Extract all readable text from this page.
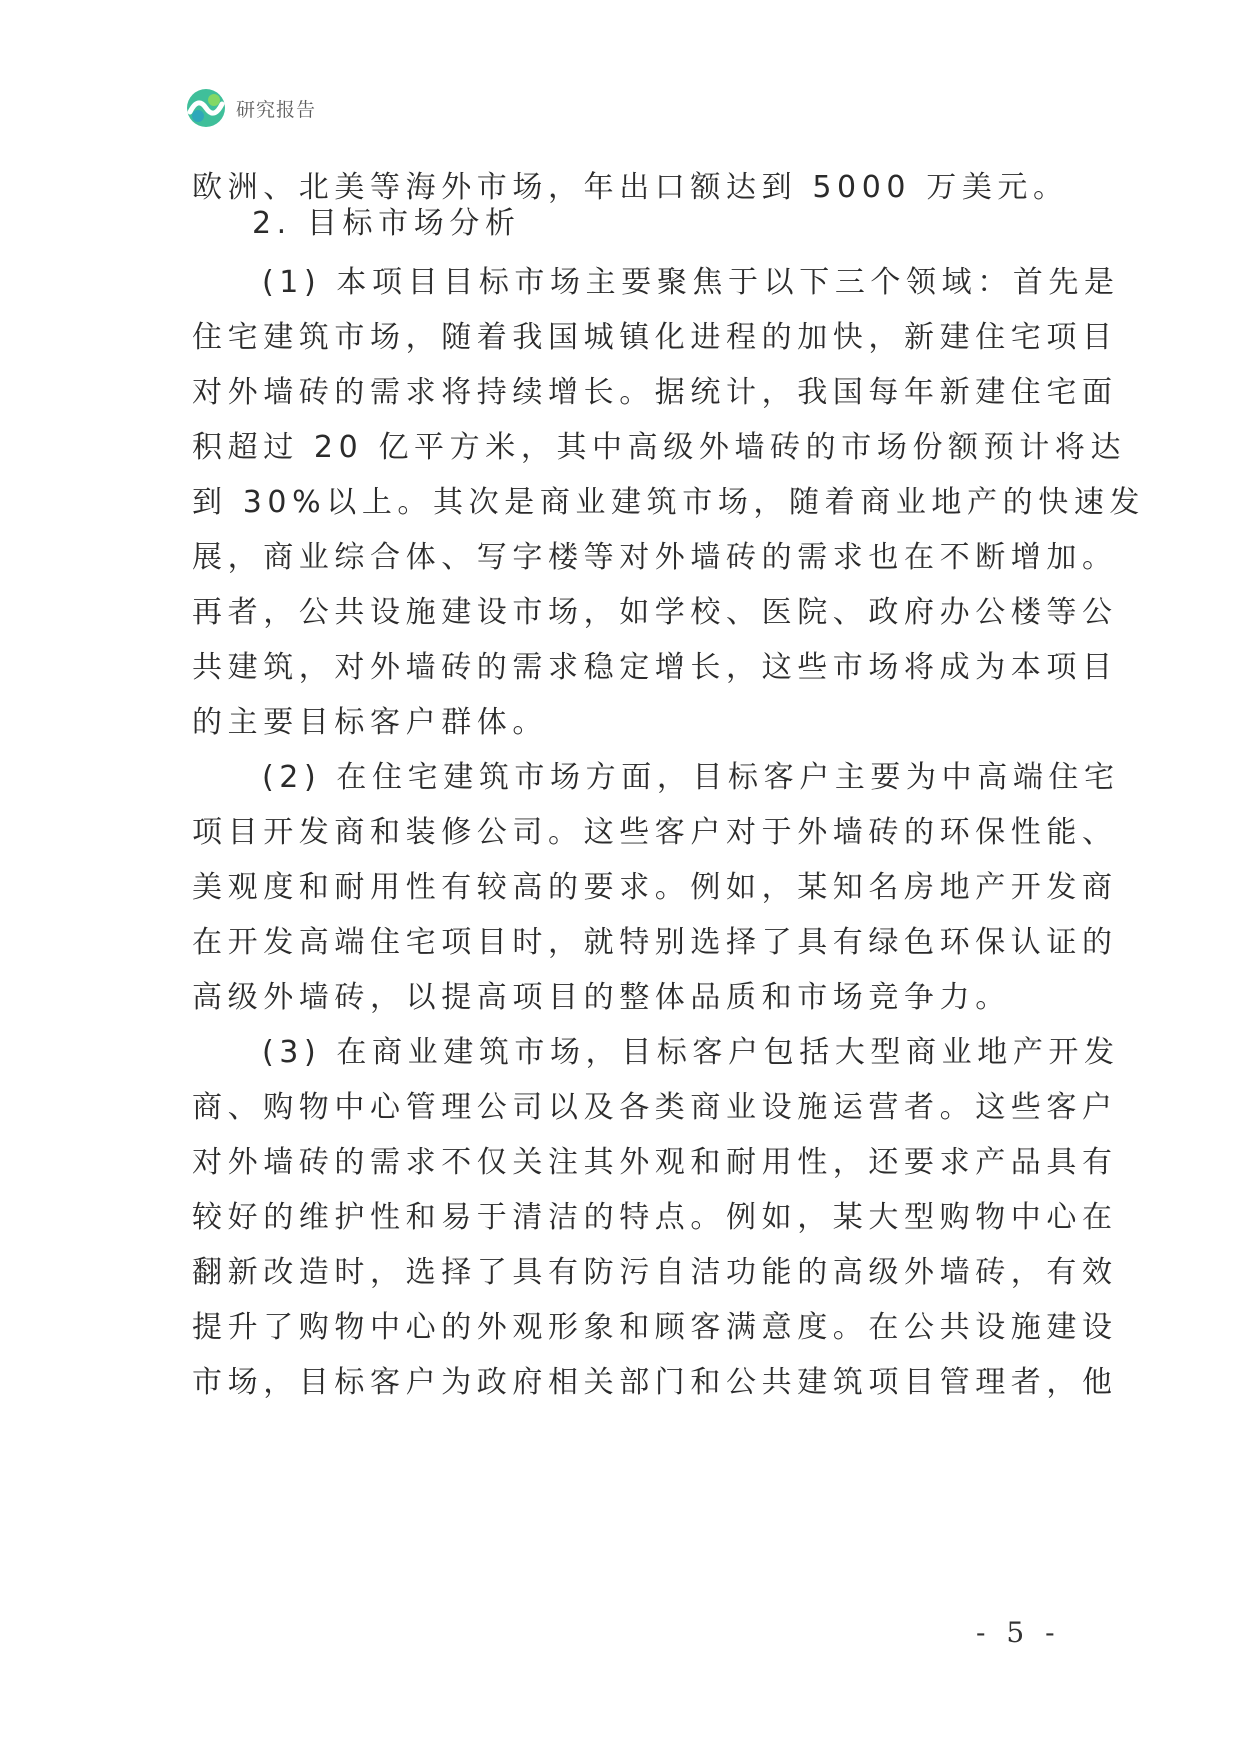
研究报告
欧洲、北美等海外市场，年出口额达到 5000 万美元。
2. 目标市场分析
(1) 本项目目标市场主要聚焦于以下三个领域：首先是
住宅建筑市场，随着我国城镇化进程的加快，新建住宅项目
对外墙砖的需求将持续增长。据统计，我国每年新建住宅面
积超过 20 亿平方米，其中高级外墙砖的市场份额预计将达
到 30%以上。其次是商业建筑市场，随着商业地产的快速发
展，商业综合体、写字楼等对外墙砖的需求也在不断增加。
再者，公共设施建设市场，如学校、医院、政府办公楼等公
共建筑，对外墙砖的需求稳定增长，这些市场将成为本项目
的主要目标客户群体。
(2) 在住宅建筑市场方面，目标客户主要为中高端住宅
项目开发商和装修公司。这些客户对于外墙砖的环保性能、
美观度和耐用性有较高的要求。例如，某知名房地产开发商
在开发高端住宅项目时，就特别选择了具有绿色环保认证的
高级外墙砖，以提高项目的整体品质和市场竞争力。
(3) 在商业建筑市场，目标客户包括大型商业地产开发
商、购物中心管理公司以及各类商业设施运营者。这些客户
对外墙砖的需求不仅关注其外观和耐用性，还要求产品具有
较好的维护性和易于清洁的特点。例如，某大型购物中心在
翻新改造时，选择了具有防污自洁功能的高级外墙砖，有效
提升了购物中心的外观形象和顾客满意度。在公共设施建设
市场，目标客户为政府相关部门和公共建筑项目管理者，他
- 5 -
